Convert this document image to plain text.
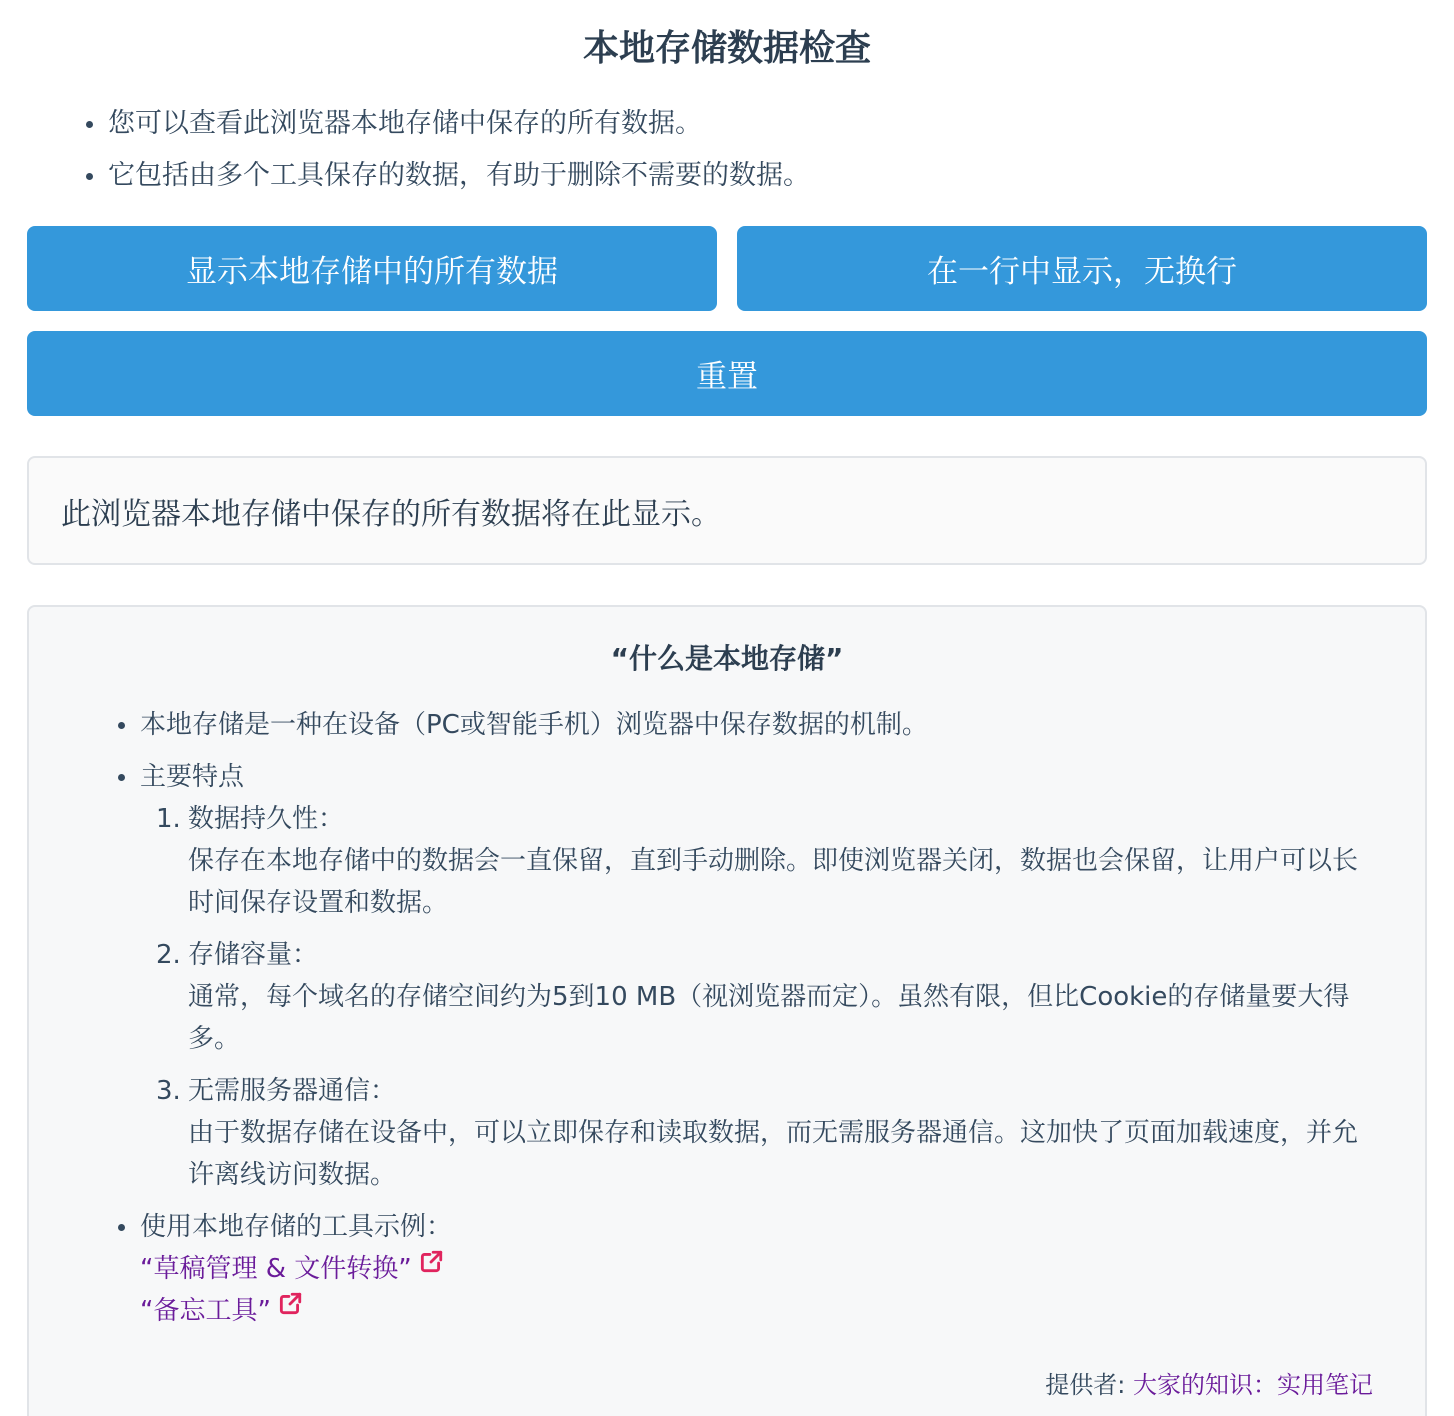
本地存储数据检查
您可以查看此浏览器本地存储中保存的所有数据。
它包括由多个工具保存的数据，有助于删除不需要的数据。
显示本地存储中的所有数据	在一行中显示，无换行
重置
此浏览器本地存储中保存的所有数据将在此显示。
“什么是本地存储”
本地存储是一种在设备（PC或智能手机）浏览器中保存数据的机制。
主要特点
1. 数据持久性：
保存在本地存储中的数据会一直保留，直到手动删除。即使浏览器关闭，数据也会保留，让用户可以长时间保存设置和数据。
2. 存储容量：
通常，每个域名的存储空间约为5到10 MB（视浏览器而定）。虽然有限，但比Cookie的存储量要大得多。
3. 无需服务器通信：
由于数据存储在设备中，可以立即保存和读取数据，而无需服务器通信。这加快了页面加载速度，并允许离线访问数据。
使用本地存储的工具示例：
“草稿管理 & 文件转换”
“备忘工具”
提供者: 大家的知识：实用笔记
